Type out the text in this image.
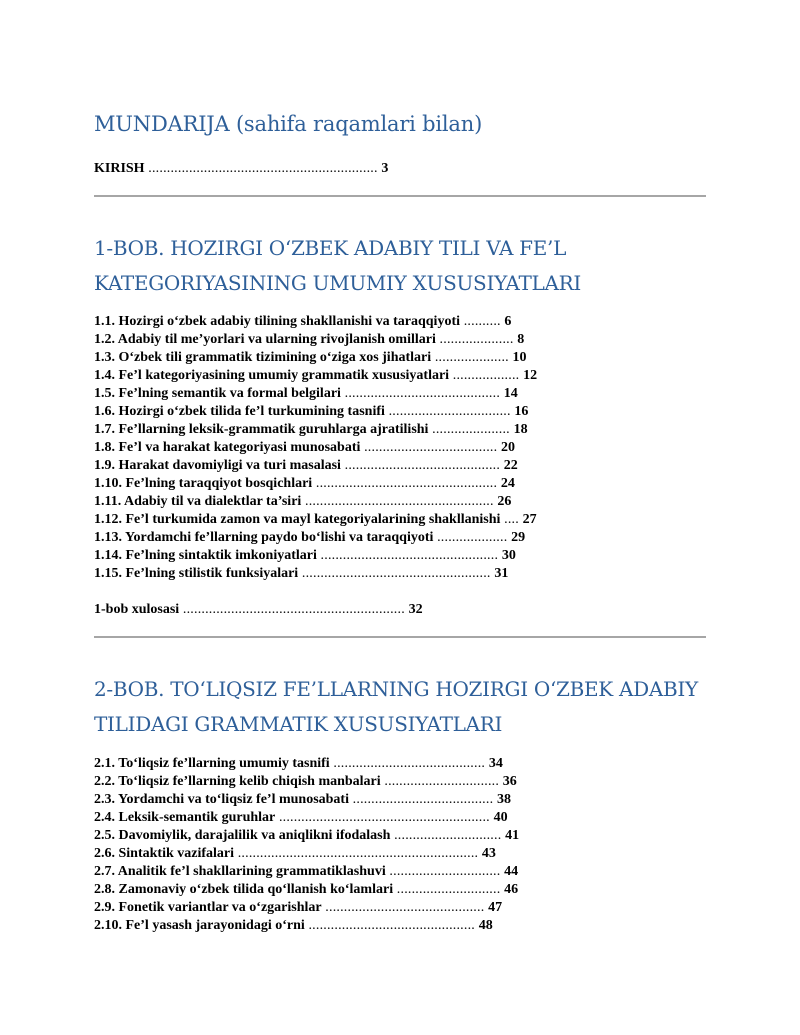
MUNDARIJA (sahifa raqamlari bilan)
KIRISH .............................................................. 3
1-BOB. HOZIRGI O‘ZBEK ADABIY TILI VA FE’L KATEGORIYASINING UMUMIY XUSUSIYATLARI
1.1. Hozirgi o‘zbek adabiy tilining shakllanishi va taraqqiyoti .......... 6
1.2. Adabiy til me’yorlari va ularning rivojlanish omillari .................... 8
1.3. O‘zbek tili grammatik tizimining o‘ziga xos jihatlari .................... 10
1.4. Fe’l kategoriyasining umumiy grammatik xususiyatlari .................. 12
1.5. Fe’lning semantik va formal belgilari .......................................... 14
1.6. Hozirgi o‘zbek tilida fe’l turkumining tasnifi ................................. 16
1.7. Fe’llarning leksik-grammatik guruhlarga ajratilishi ..................... 18
1.8. Fe’l va harakat kategoriyasi munosabati .................................... 20
1.9. Harakat davomiyligi va turi masalasi .......................................... 22
1.10. Fe’lning taraqqiyot bosqichlari ................................................. 24
1.11. Adabiy til va dialektlar ta’siri ................................................... 26
1.12. Fe’l turkumida zamon va mayl kategoriyalarining shakllanishi .... 27
1.13. Yordamchi fe’llarning paydo bo‘lishi va taraqqiyoti ................... 29
1.14. Fe’lning sintaktik imkoniyatlari ................................................ 30
1.15. Fe’lning stilistik funksiyalari ................................................... 31
1-bob xulosasi ............................................................ 32
2-BOB. TO‘LIQSIZ FE’LLARNING HOZIRGI O‘ZBEK ADABIY TILIDAGI GRAMMATIK XUSUSIYATLARI
2.1. To‘liqsiz fe’llarning umumiy tasnifi ......................................... 34
2.2. To‘liqsiz fe’llarning kelib chiqish manbalari ............................... 36
2.3. Yordamchi va to‘liqsiz fe’l munosabati ...................................... 38
2.4. Leksik-semantik guruhlar ......................................................... 40
2.5. Davomiylik, darajalilik va aniqlikni ifodalash ............................. 41
2.6. Sintaktik vazifalari ................................................................. 43
2.7. Analitik fe’l shakllarining grammatiklashuvi .............................. 44
2.8. Zamonaviy o‘zbek tilida qo‘llanish ko‘lamlari ............................ 46
2.9. Fonetik variantlar va o‘zgarishlar ........................................... 47
2.10. Fe’l yasash jarayonidagi o‘rni ............................................. 48
